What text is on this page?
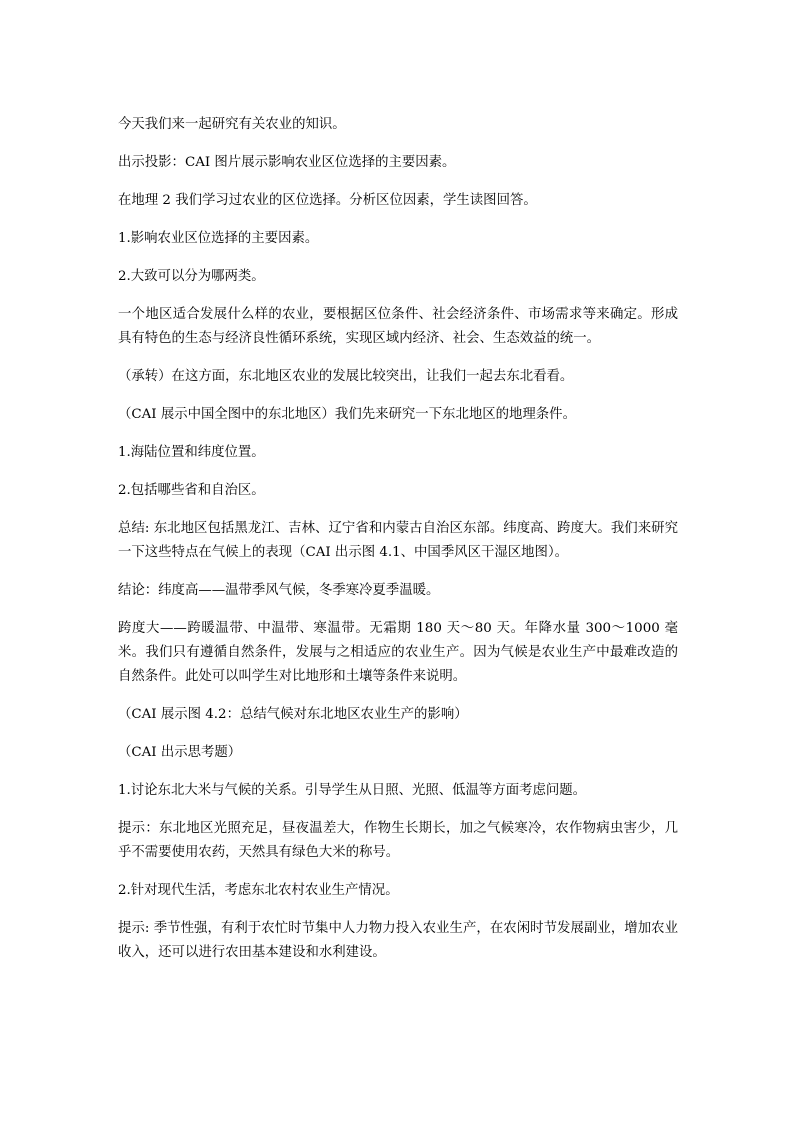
今天我们来一起研究有关农业的知识。

出示投影：CAI 图片展示影响农业区位选择的主要因素。

在地理 2 我们学习过农业的区位选择。分析区位因素，学生读图回答。

1.影响农业区位选择的主要因素。

2.大致可以分为哪两类。

一个地区适合发展什么样的农业，要根据区位条件、社会经济条件、市场需求等来确定。形成具有特色的生态与经济良性循环系统，实现区域内经济、社会、生态效益的统一。

（承转）在这方面，东北地区农业的发展比较突出，让我们一起去东北看看。

（CAI 展示中国全图中的东北地区）我们先来研究一下东北地区的地理条件。

1.海陆位置和纬度位置。

2.包括哪些省和自治区。

总结: 东北地区包括黑龙江、吉林、辽宁省和内蒙古自治区东部。纬度高、跨度大。我们来研究一下这些特点在气候上的表现（CAI 出示图 4.1、中国季风区干湿区地图）。

结论：纬度高——温带季风气候，冬季寒冷夏季温暖。

跨度大——跨暖温带、中温带、寒温带。无霜期 180 天～80 天。年降水量 300～1000 毫米。我们只有遵循自然条件，发展与之相适应的农业生产。因为气候是农业生产中最难改造的自然条件。此处可以叫学生对比地形和土壤等条件来说明。

（CAI 展示图 4.2：总结气候对东北地区农业生产的影响）

（CAI 出示思考题）

1.讨论东北大米与气候的关系。引导学生从日照、光照、低温等方面考虑问题。

提示：东北地区光照充足，昼夜温差大，作物生长期长，加之气候寒冷，农作物病虫害少，几乎不需要使用农药，天然具有绿色大米的称号。

2.针对现代生活，考虑东北农村农业生产情况。

提示: 季节性强，有利于农忙时节集中人力物力投入农业生产，在农闲时节发展副业，增加农业收入，还可以进行农田基本建设和水利建设。
